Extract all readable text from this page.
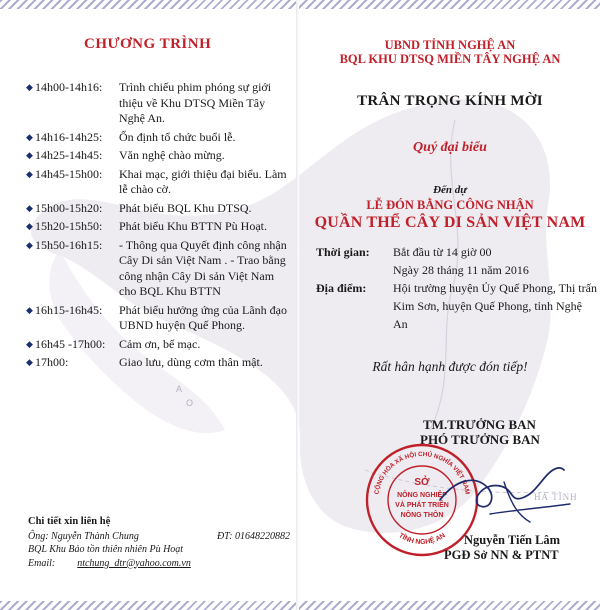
A
O
CHƯƠNG TRÌNH
◆ 14h00-14h16:	Trình chiếu phim phóng sự giới thiệu về Khu DTSQ Miền Tây Nghệ An.
◆ 14h16-14h25:	Ổn định tổ chức buổi lễ.
◆ 14h25-14h45:	Văn nghệ chào mừng.
◆ 14h45-15h00:	Khai mạc, giới thiệu đại biểu. Làm lễ chào cờ.
◆ 15h00-15h20:	Phát biểu BQL Khu DTSQ.
◆ 15h20-15h50:	Phát biểu Khu BTTN Pù Hoạt.
◆ 15h50-16h15:	- Thông qua Quyết định công nhận Cây Di sản Việt Nam . - Trao bằng công nhận Cây Di sản Việt Nam cho BQL Khu BTTN
◆ 16h15-16h45:	Phát biểu hưởng ứng của Lãnh đạo UBND huyện Quế Phong.
◆ 16h45 -17h00:	Cảm ơn, bế mạc.
◆ 17h00:	Giao lưu, dùng cơm thân mật.
Chi tiết xin liên hệ
Ông: Nguyễn Thành Chung	ĐT: 01648220882
BQL Khu Bảo tồn thiên nhiên Pù Hoạt
Email: ntchung_dtr@yahoo.com.vn
UBND TỈNH NGHỆ AN
BQL KHU DTSQ MIỀN TÂY NGHỆ AN
TRÂN TRỌNG KÍNH MỜI
Quý đại biểu
Đến dự
LỄ ĐÓN BẰNG CÔNG NHẬN
QUẦN THỂ CÂY DI SẢN VIỆT NAM
Thời gian:	Bắt đầu từ 14 giờ 00
Ngày 28 tháng 11 năm 2016
Địa điểm:	Hội trường huyện Ủy Quế Phong, Thị trấn Kim Sơn, huyện Quế Phong, tỉnh Nghệ An
Rất hân hạnh được đón tiếp!
TM.TRƯỞNG BAN
PHÓ TRƯỞNG BAN
HÀ TĨNH
CỘNG HÒA XÃ HỘI CHỦ NGHĨA VIỆT NAM
TỈNH NGHỆ AN
SỞ
NÔNG NGHIỆP
VÀ PHÁT TRIỂN
NÔNG THÔN
Nguyễn Tiến Lâm
PGĐ Sở NN & PTNT
